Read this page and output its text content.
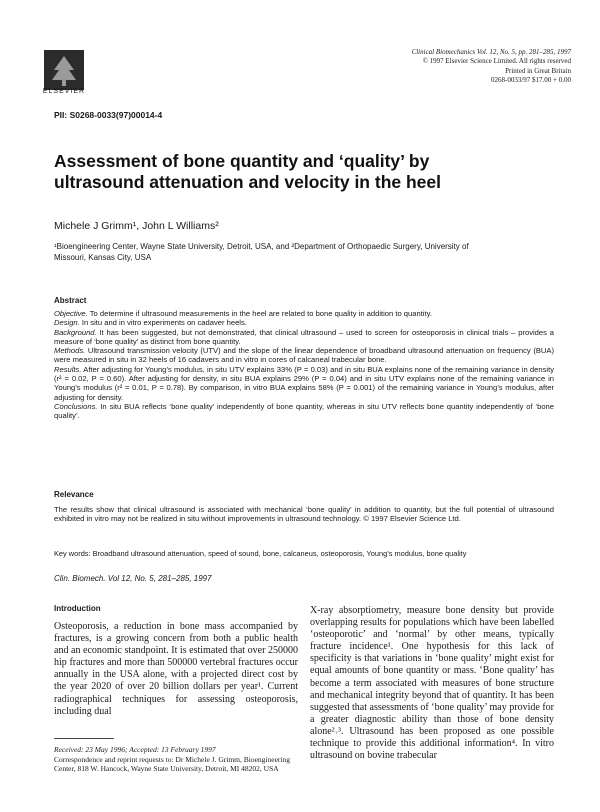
ELSEVIER
Clinical Biomechanics Vol. 12, No. 5, pp. 281–285, 1997
© 1997 Elsevier Science Limited. All rights reserved
Printed in Great Britain
0268-0033/97 $17.00 + 0.00
PII: S0268-0033(97)00014-4
Assessment of bone quantity and ‘quality’ by ultrasound attenuation and velocity in the heel
Michele J Grimm¹, John L Williams²
¹Bioengineering Center, Wayne State University, Detroit, USA, and ²Department of Orthopaedic Surgery, University of Missouri, Kansas City, USA
Abstract

Objective. To determine if ultrasound measurements in the heel are related to bone quality in addition to quantity.

Design. In situ and in vitro experiments on cadaver heels.

Background. It has been suggested, but not demonstrated, that clinical ultrasound – used to screen for osteoporosis in clinical trials – provides a measure of ‘bone quality’ as distinct from bone quantity.

Methods. Ultrasound transmission velocity (UTV) and the slope of the linear dependence of broadband ultrasound attenuation on frequency (BUA) were measured in situ in 32 heels of 16 cadavers and in vitro in cores of calcaneal trabecular bone.

Results. After adjusting for Young’s modulus, in situ UTV explains 33% (P = 0.03) and in situ BUA explains none of the remaining variance in density (r² = 0.02, P = 0.60). After adjusting for density, in situ BUA explains 29% (P = 0.04) and in situ UTV explains none of the remaining variance in Young’s modulus (r² = 0.01, P = 0.78). By comparison, in vitro BUA explains 58% (P = 0.001) of the remaining variance in Young’s modulus, after adjusting for density.

Conclusions. In situ BUA reflects ‘bone quality’ independently of bone quantity, whereas in situ UTV reflects bone quantity independently of ‘bone quality’.

Relevance

The results show that clinical ultrasound is associated with mechanical ‘bone quality’ in addition to quantity, but the full potential of ultrasound exhibited in vitro may not be realized in situ without improvements in ultrasound technology. © 1997 Elsevier Science Ltd.

Key words: Broadband ultrasound attenuation, speed of sound, bone, calcaneus, osteoporosis, Young’s modulus, bone quality

Clin. Biomech. Vol 12, No. 5, 281–285, 1997
Introduction

Osteoporosis, a reduction in bone mass accompanied by fractures, is a growing concern from both a public health and an economic standpoint. It is estimated that over 250000 hip fractures and more than 500000 vertebral fractures occur annually in the USA alone, with a projected direct cost by the year 2020 of over 20 billion dollars per year¹. Current radiographical techniques for assessing osteoporosis, including dual

X-ray absorptiometry, measure bone density but provide overlapping results for populations which have been labelled ‘osteoporotic’ and ‘normal’ by other means, typically fracture incidence¹. One hypothesis for this lack of specificity is that variations in ‘bone quality’ might exist for equal amounts of bone quantity or mass. ‘Bone quality’ has become a term associated with measures of bone structure and mechanical integrity beyond that of quantity. It has been suggested that assessments of ‘bone quality’ may provide for a greater diagnostic ability than those of bone density alone²˒³. Ultrasound has been proposed as one possible technique to provide this additional information⁴. In vitro ultrasound on bovine trabecular

Received: 23 May 1996; Accepted: 13 February 1997
Correspondence and reprint requests to: Dr Michele J. Grimm, Bioengineering Center, 818 W. Hancock, Wayne State University, Detroit, MI 48202, USA
